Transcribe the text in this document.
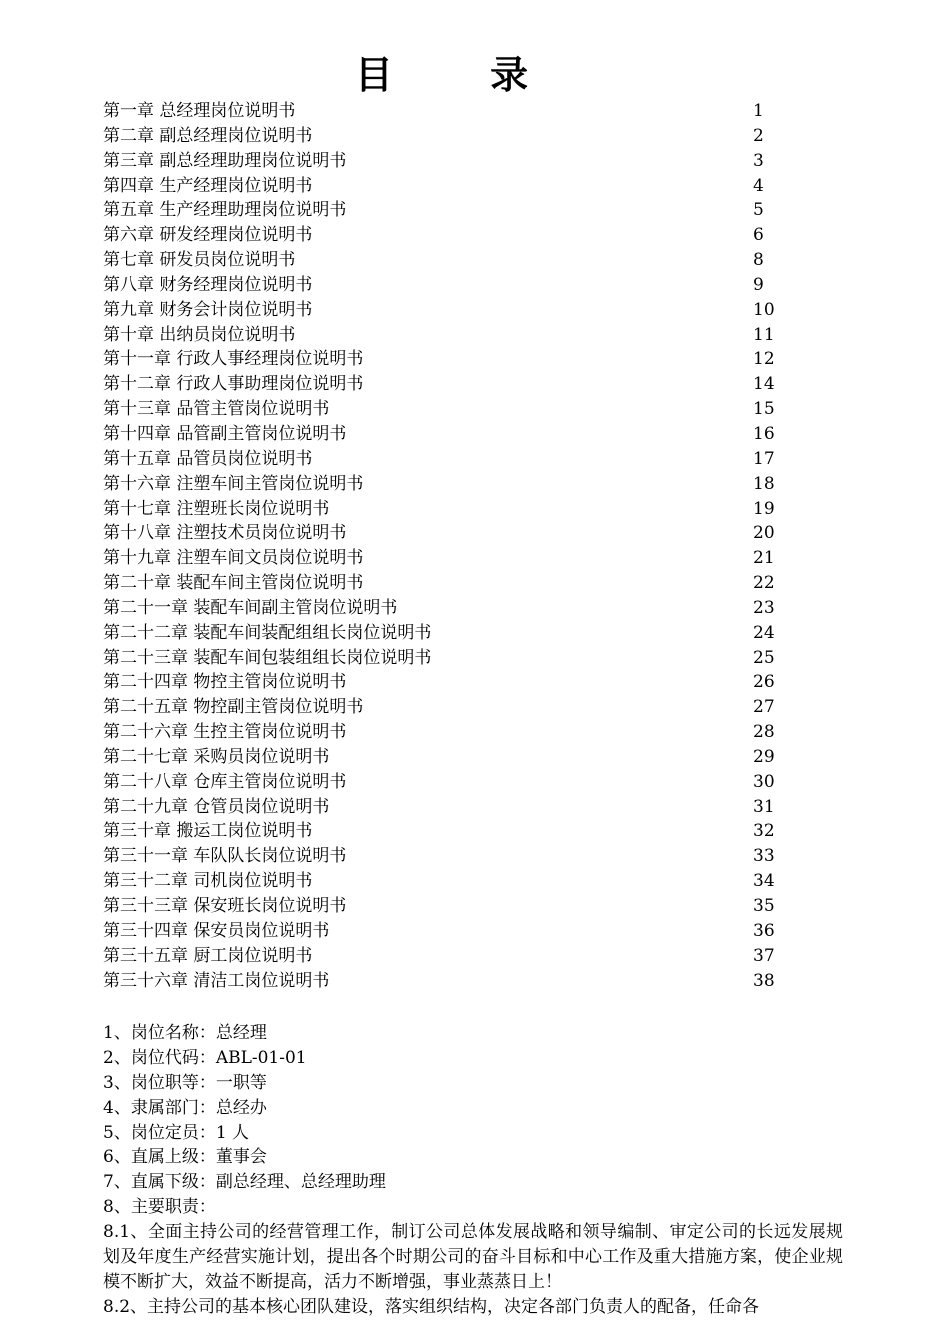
目 录
第一章 总经理岗位说明书	1
第二章 副总经理岗位说明书	2
第三章 副总经理助理岗位说明书	3
第四章 生产经理岗位说明书	4
第五章 生产经理助理岗位说明书	5
第六章 研发经理岗位说明书	6
第七章 研发员岗位说明书	8
第八章 财务经理岗位说明书	9
第九章 财务会计岗位说明书	10
第十章 出纳员岗位说明书	11
第十一章 行政人事经理岗位说明书	12
第十二章 行政人事助理岗位说明书	14
第十三章 品管主管岗位说明书	15
第十四章 品管副主管岗位说明书	16
第十五章 品管员岗位说明书	17
第十六章 注塑车间主管岗位说明书	18
第十七章 注塑班长岗位说明书	19
第十八章 注塑技术员岗位说明书	20
第十九章 注塑车间文员岗位说明书	21
第二十章 装配车间主管岗位说明书	22
第二十一章 装配车间副主管岗位说明书	23
第二十二章 装配车间装配组组长岗位说明书	24
第二十三章 装配车间包装组组长岗位说明书	25
第二十四章 物控主管岗位说明书	26
第二十五章 物控副主管岗位说明书	27
第二十六章 生控主管岗位说明书	28
第二十七章 采购员岗位说明书	29
第二十八章 仓库主管岗位说明书	30
第二十九章 仓管员岗位说明书	31
第三十章 搬运工岗位说明书	32
第三十一章 车队队长岗位说明书	33
第三十二章 司机岗位说明书	34
第三十三章 保安班长岗位说明书	35
第三十四章 保安员岗位说明书	36
第三十五章 厨工岗位说明书	37
第三十六章 清洁工岗位说明书	38
1、岗位名称：总经理
2、岗位代码：ABL-01-01
3、岗位职等：一职等
4、隶属部门：总经办
5、岗位定员：1 人
6、直属上级：董事会
7、直属下级：副总经理、总经理助理
8、主要职责：

8.1、全面主持公司的经营管理工作，制订公司总体发展战略和领导编制、审定公司的长远发展规划及年度生产经营实施计划，提出各个时期公司的奋斗目标和中心工作及重大措施方案，使企业规模不断扩大，效益不断提高，活力不断增强，事业蒸蒸日上！

8.2、主持公司的基本核心团队建设，落实组织结构，决定各部门负责人的配备，任命各
